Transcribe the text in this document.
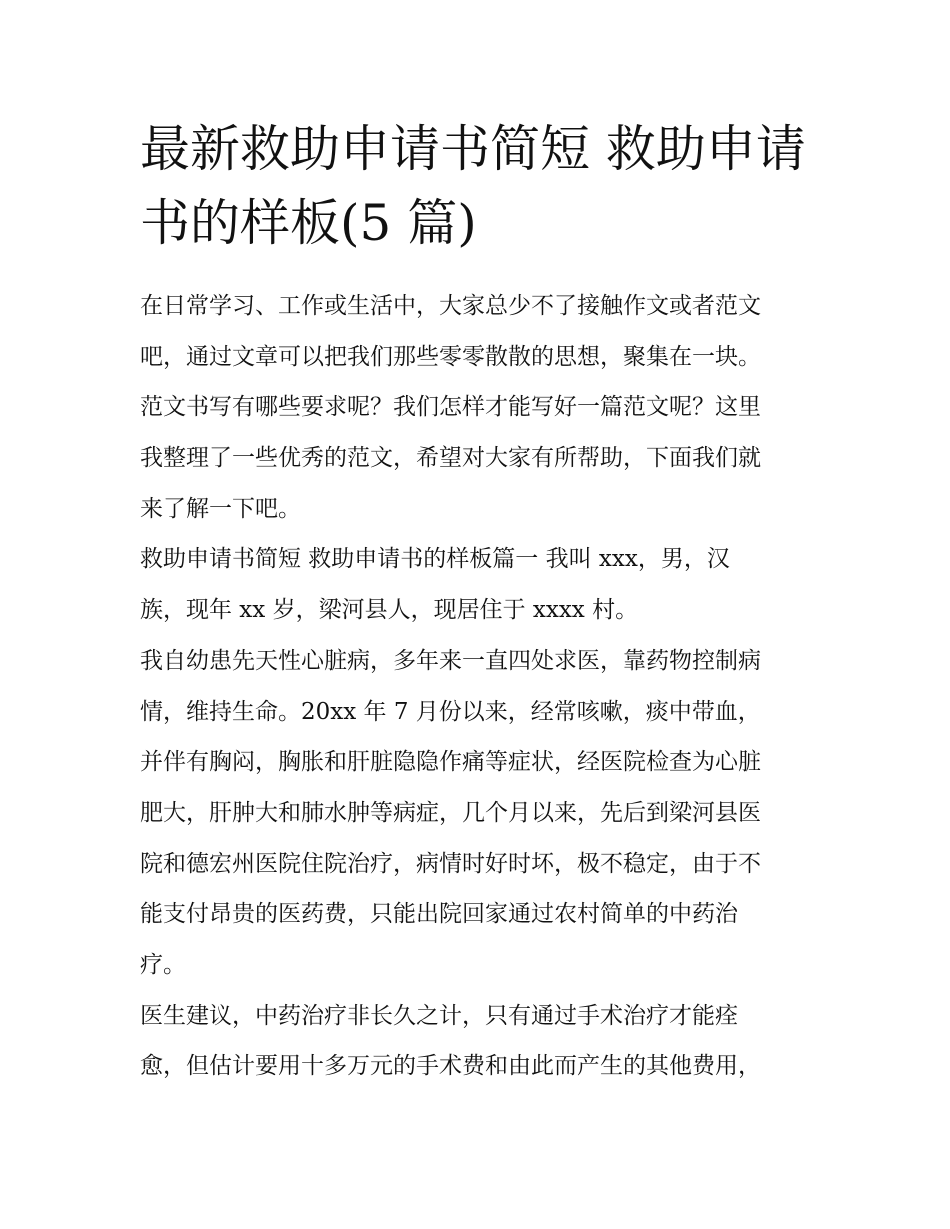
最新救助申请书简短 救助申请
书的样板(5 篇)
在日常学习、工作或生活中，大家总少不了接触作文或者范文
吧，通过文章可以把我们那些零零散散的思想，聚集在一块。
范文书写有哪些要求呢？我们怎样才能写好一篇范文呢？这里
我整理了一些优秀的范文，希望对大家有所帮助，下面我们就
来了解一下吧。
救助申请书简短 救助申请书的样板篇一 我叫 xxx，男，汉
族，现年 xx 岁，梁河县人，现居住于 xxxx 村。
我自幼患先天性心脏病，多年来一直四处求医，靠药物控制病
情，维持生命。20xx 年 7 月份以来，经常咳嗽，痰中带血，
并伴有胸闷，胸胀和肝脏隐隐作痛等症状，经医院检查为心脏
肥大，肝肿大和肺水肿等病症，几个月以来，先后到梁河县医
院和德宏州医院住院治疗，病情时好时坏，极不稳定，由于不
能支付昂贵的医药费，只能出院回家通过农村简单的中药治
疗。
医生建议，中药治疗非长久之计，只有通过手术治疗才能痊
愈，但估计要用十多万元的手术费和由此而产生的其他费用，
